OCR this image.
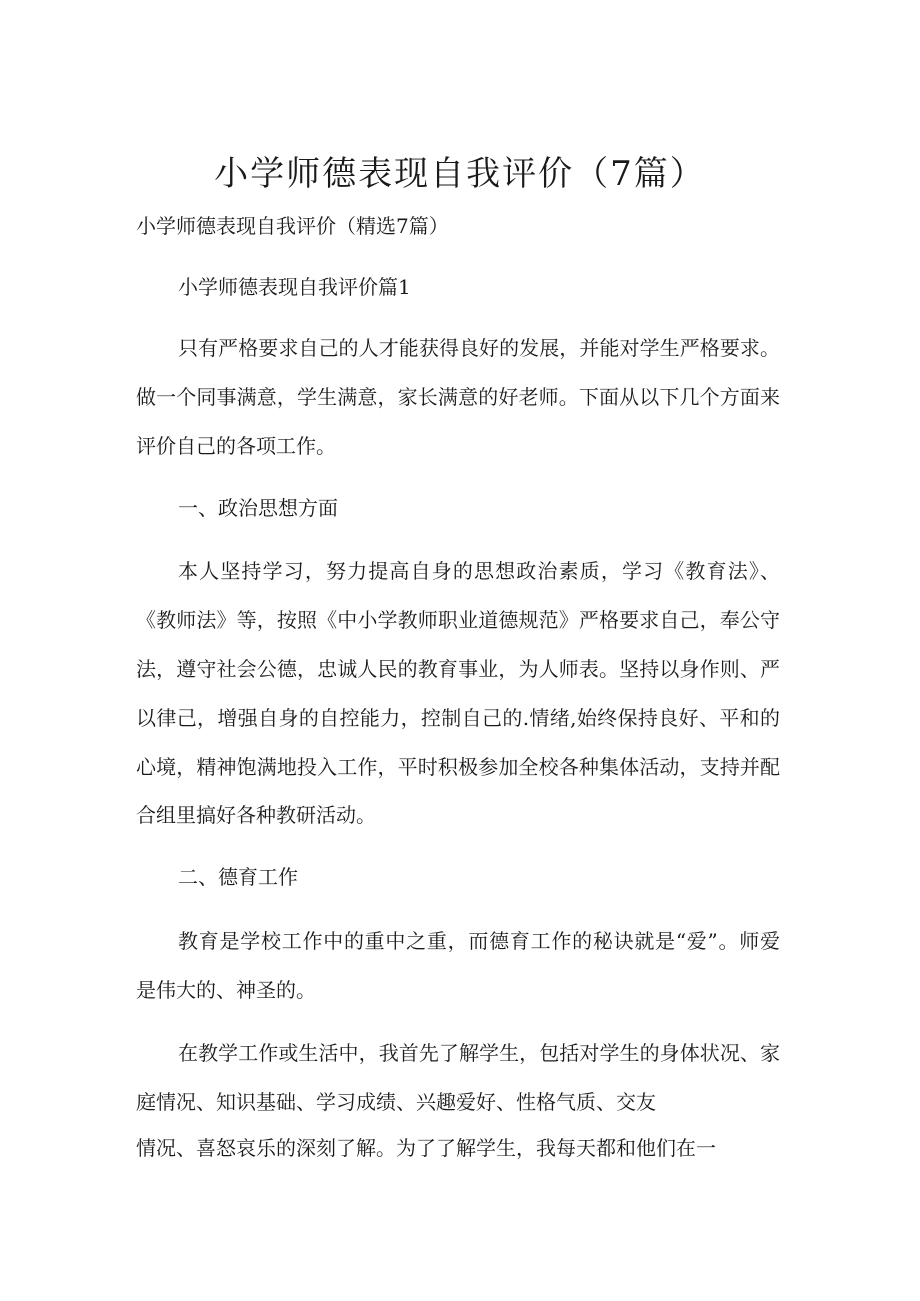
小学师德表现自我评价（7篇）

小学师德表现自我评价（精选7篇）

小学师德表现自我评价篇1

只有严格要求自己的人才能获得良好的发展，并能对学生严格要求。

做一个同事满意，学生满意，家长满意的好老师。下面从以下几个方面来

评价自己的各项工作。

一、政治思想方面

本人坚持学习，努力提高自身的思想政治素质，学习《教育法》、

《教师法》等，按照《中小学教师职业道德规范》严格要求自己，奉公守

法，遵守社会公德，忠诚人民的教育事业，为人师表。坚持以身作则、严

以律己，增强自身的自控能力，控制自己的.情绪,始终保持良好、平和的

心境，精神饱满地投入工作，平时积极参加全校各种集体活动，支持并配

合组里搞好各种教研活动。

二、德育工作

教育是学校工作中的重中之重，而德育工作的秘诀就是“爱”。师爱

是伟大的、神圣的。

在教学工作或生活中，我首先了解学生，包括对学生的身体状况、家

庭情况、知识基础、学习成绩、兴趣爱好、性格气质、交友

情况、喜怒哀乐的深刻了解。为了了解学生，我每天都和他们在一
